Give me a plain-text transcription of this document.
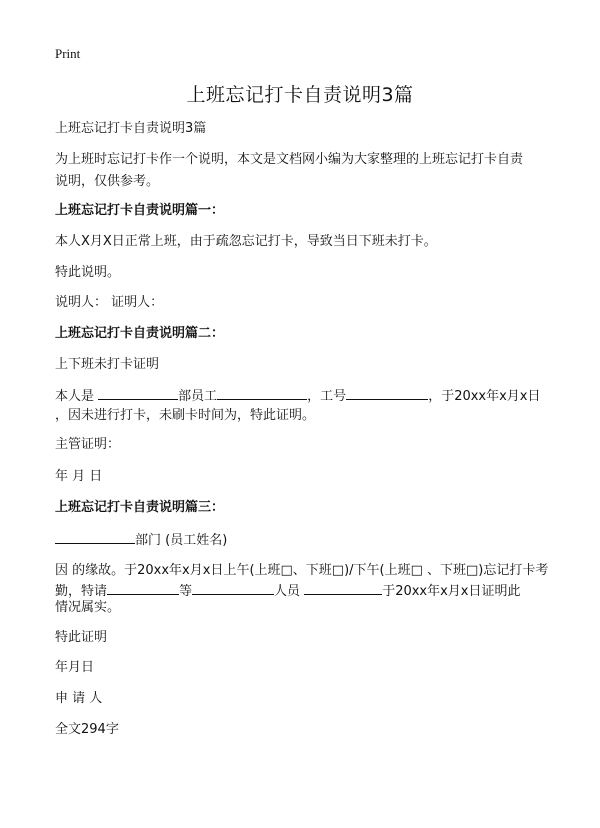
Print
上班忘记打卡自责说明3篇
上班忘记打卡自责说明3篇
为上班时忘记打卡作一个说明，本文是文档网小编为大家整理的上班忘记打卡自责
说明，仅供参考。
上班忘记打卡自责说明篇一：
本人X月X日正常上班，由于疏忽忘记打卡，导致当日下班未打卡。
特此说明。
说明人： 证明人：
上班忘记打卡自责说明篇二：
上下班未打卡证明
本人是	部员工	，工号	，于20xx年x月x日
，因未进行打卡，未刷卡时间为，特此证明。
主管证明：
年 月 日
上班忘记打卡自责说明篇三：
部门 (员工姓名)
因 的缘故。于20xx年x月x日上午(上班□、下班□)/下午(上班□ 、下班□)忘记打卡考
勤，特请	等	人员	于20xx年x月x日证明此
情况属实。
特此证明
年月日
申 请 人
全文294字
